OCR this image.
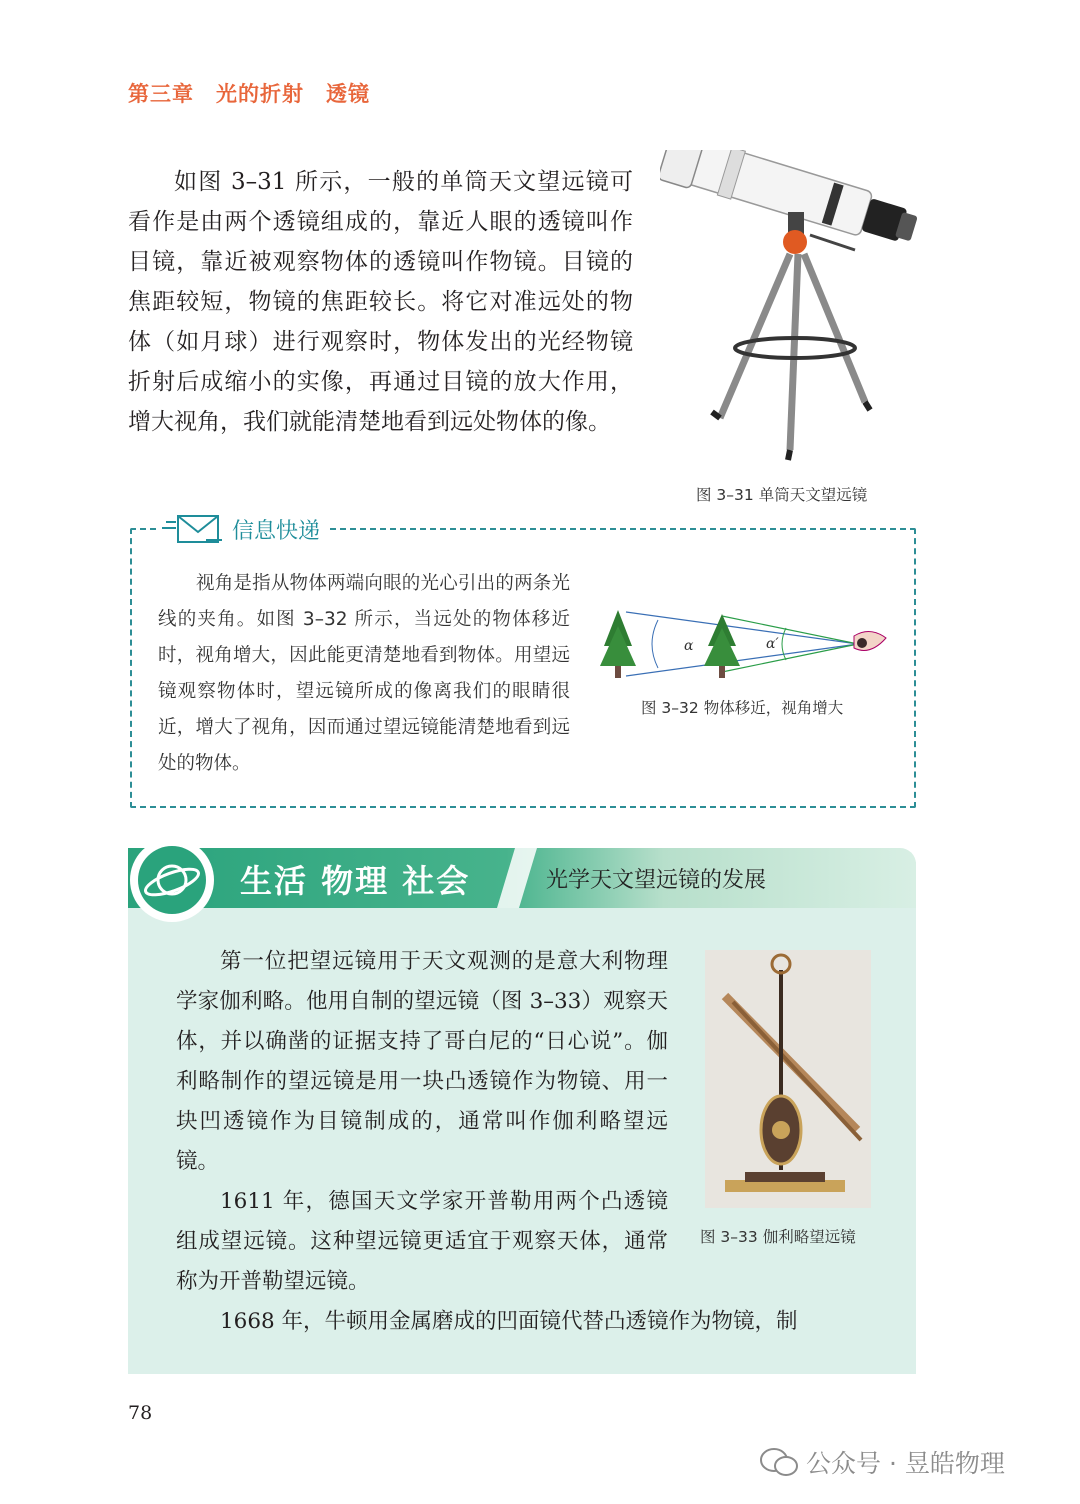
第三章　光的折射　透镜

如图 3–31 所示，一般的单筒天文望远镜可看作是由两个透镜组成的，靠近人眼的透镜叫作目镜，靠近被观察物体的透镜叫作物镜。目镜的焦距较短，物镜的焦距较长。将它对准远处的物体（如月球）进行观察时，物体发出的光经物镜折射后成缩小的实像，再通过目镜的放大作用，增大视角，我们就能清楚地看到远处物体的像。

图 3–31 单筒天文望远镜
信息快递

视角是指从物体两端向眼的光心引出的两条光线的夹角。如图 3–32 所示，当远处的物体移近时，视角增大，因此能更清楚地看到物体。用望远镜观察物体时，望远镜所成的像离我们的眼睛很近，增大了视角，因而通过望远镜能清楚地看到远处的物体。

α	α′
图 3–32 物体移近，视角增大
生活 物理 社会	光学天文望远镜的发展

第一位把望远镜用于天文观测的是意大利物理学家伽利略。他用自制的望远镜（图 3–33）观察天体，并以确凿的证据支持了哥白尼的“日心说”。伽利略制作的望远镜是用一块凸透镜作为物镜、用一块凹透镜作为目镜制成的，通常叫作伽利略望远镜。

1611 年，德国天文学家开普勒用两个凸透镜组成望远镜。这种望远镜更适宜于观察天体，通常称为开普勒望远镜。

1668 年，牛顿用金属磨成的凹面镜代替凸透镜作为物镜，制
图 3–33 伽利略望远镜
78
公众号 · 昱皓物理
